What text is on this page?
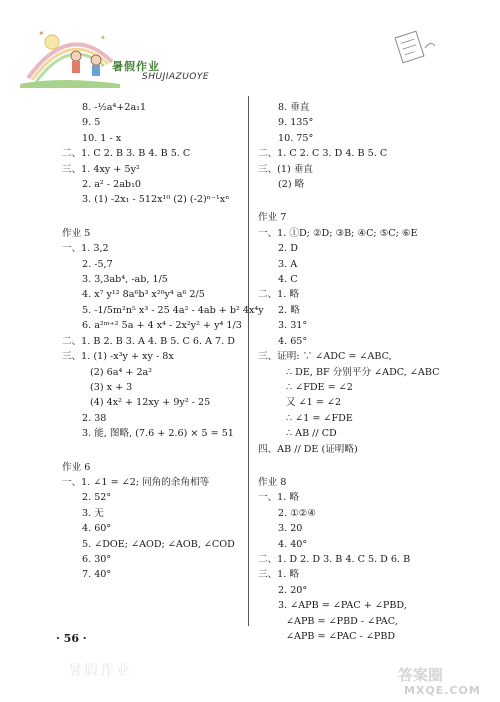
✦	✦
暑假作业
SHUJIAZUOYE
8. -½a⁴+2a₁1
9. 5
10. 1 - x
二、1. C 2. B 3. B 4. B 5. C
三、1. 4xy + 5y²
2. a² - 2ab₁0
3. (1) -2x₁ - 512x¹⁰ (2) (-2)ⁿ⁻¹xⁿ
作业 5
一、1. 3,2
2. -5,7
3. 3,3ab⁴, -ab, 1/5
4. x⁷ y¹² 8a⁶b³ x²⁰y⁴ a⁶ 2/5
5. -1/5m²n⁵ x³ - 25 4a² - 4ab + b² 4x⁴y
6. a²ᵐ⁺² 5a + 4 x⁴ - 2x²y² + y⁴ 1/3
二、1. B 2. B 3. A 4. B 5. C 6. A 7. D
三、1. (1) -x³y + xy - 8x
(2) 6a⁴ + 2a²
(3) x + 3
(4) 4x² + 12xy + 9y² - 25
2. 38
3. 能, 图略, (7.6 + 2.6) × 5 = 51
作业 6
一、1. ∠1 = ∠2; 同角的余角相等
2. 52°
3. 无
4. 60°
5. ∠DOE; ∠AOD; ∠AOB, ∠COD
6. 30°
7. 40°
8. 垂直
9. 135°
10. 75°
二、1. C 2. C 3. D 4. B 5. C
三、(1) 垂直
(2) 略
作业 7
一、1. ①D; ②D; ③B; ④C; ⑤C; ⑥E
2. D
3. A
4. C
二、1. 略
2. 略
3. 31°
4. 65°
三、证明: ∵ ∠ADC = ∠ABC,
∴ DE, BF 分别平分 ∠ADC, ∠ABC
∴ ∠FDE = ∠2
又 ∠1 = ∠2
∴ ∠1 = ∠FDE
∴ AB // CD
四、AB // DE (证明略)
作业 8
一、1. 略
2. ①②④
3. 20
4. 40°
二、1. D 2. D 3. B 4. C 5. D 6. B
三、1. 略
2. 20°
3. ∠APB = ∠PAC + ∠PBD,
∠APB = ∠PBD - ∠PAC,
∠APB = ∠PAC - ∠PBD
· 56 ·
暑假作业	答案圈
MXQE.COM
